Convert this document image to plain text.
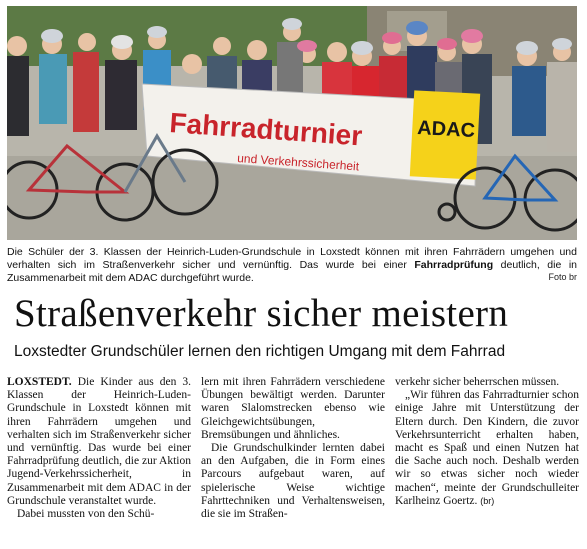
Fahrradturnier
und Verkehrssicherheit
ADAC
Die Schüler der 3. Klassen der Heinrich-Luden-Grundschule in Loxstedt können mit ihren Fahrrädern umgehen und verhalten sich im Straßenverkehr sicher und vernünftig. Das wurde bei einer Fahrradprüfung deutlich, die in Zusammenarbeit mit dem ADAC durchgeführt wurde.	Foto br
Straßenverkehr sicher meistern
Loxstedter Grundschüler lernen den richtigen Umgang mit dem Fahrrad

LOXSTEDT. Die Kinder aus den 3. Klassen der Heinrich-Luden-Grundschule in Loxstedt können mit ihren Fahrrädern umgehen und verhalten sich im Straßenverkehr sicher und vernünftig. Das wurde bei einer Fahrradprüfung deutlich, die zur Aktion Jugend-Verkehrssicherheit, in Zusammenarbeit mit dem ADAC in der Grundschule veranstaltet wurde.

Dabei mussten von den Schü-

lern mit ihren Fahrrädern verschiedene Übungen bewältigt werden. Darunter waren Slalomstrecken ebenso wie Gleichgewichtsübungen, Bremsübungen und ähnliches.

Die Grundschulkinder lernten dabei an den Aufgaben, die in Form eines Parcours aufgebaut waren, auf spielerische Weise wichtige Fahrttechniken und Verhaltensweisen, die sie im Straßen-

verkehr sicher beherrschen müssen.

„Wir führen das Fahrradturnier schon einige Jahre mit Unterstützung der Eltern durch. Den Kindern, die zuvor Verkehrsunterricht erhalten haben, macht es Spaß und einen Nutzen hat die Sache auch noch. Deshalb werden wir so etwas sicher noch wieder machen“, meinte der Grundschulleiter Karlheinz Goertz. (br)
